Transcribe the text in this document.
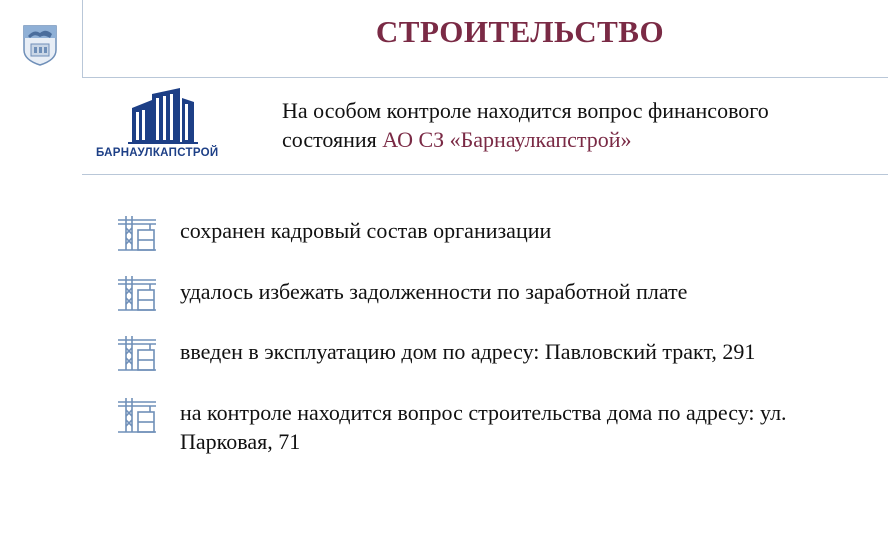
СТРОИТЕЛЬСТВО
БАРНАУЛКАПСТРОЙ
На особом контроле находится вопрос финансового состояния АО СЗ «Барнаулкапстрой»
сохранен кадровый состав организации
удалось избежать задолженности по заработной плате
введен в эксплуатацию дом по адресу: Павловский тракт, 291
на контроле находится вопрос строительства дома по адресу: ул. Парковая, 71
